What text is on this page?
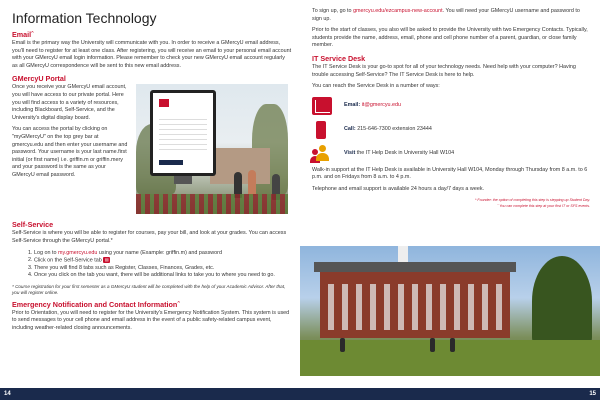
Information Technology
Emailˆ

Email is the primary way the University will communicate with you. In order to receive a GMercyU email address, you'll need to register for at least one class. After registering, you will receive an email to your personal email account with your GMercyU email login information. Please remember to check your new GMercyU email account regularly as all GMercyU correspondence will be sent to this new email address.

GMercyU Portal

Once you receive your GMercyU email account, you will have access to our private portal. Here you will find access to a variety of resources, including Blackboard, Self-Service, and the University's digital display board.

You can access the portal by clicking on "myGMercyU" on the top grey bar at gmercyu.edu and then enter your username and password. Your username is your last name.first initial (or first name) i.e. griffin.m or griffin.mery and your password is the same as your GMercyU email password.

Self-Service

Self-Service is where you will be able to register for courses, pay your bill, and look at your grades. You can access Self-Service through the GMercyU portal.*

1. Log on to my.gmercyu.edu using your name (Example: griffin.m) and password
2. Click on the Self-Service tab ▤
3. There you will find 8 tabs such as Register, Classes, Finances, Grades, etc.
4. Once you click on the tab you want, there will be additional links to take you to where you need to go.
* Course registration for your first semester as a GMercyU student will be completed with the help of your Academic Advisor. After that, you will register online.
Emergency Notification and Contact Informationˆ

Prior to Orientation, you will need to register for the University's Emergency Notification System. This system is used to send messages to your cell phone and email address in the event of a public safety-related campus event, including weather-related closing announcements.

To sign up, go to gmercyu.edu/ezcampus-new-account. You will need your GMercyU username and password to sign up.

Prior to the start of classes, you also will be asked to provide the University with two Emergency Contacts. Typically, students provide the name, address, email, phone and cell phone number of a parent, guardian, or close family member.

IT Service Desk

The IT Service Desk is your go-to spot for all of your technology needs. Need help with your computer? Having trouble accessing Self-Service? The IT Service Desk is here to help.

You can reach the Service Desk in a number of ways:

Email: it@gmercyu.edu
Call: 215-646-7300 extension 23444
Visit the IT Help Desk in University Hall W104

Walk-in support at the IT Help Desk is available in University Hall W104, Monday through Thursday from 8 a.m. to 6 p.m. and on Fridays from 8 a.m. to 4 p.m.

Telephone and email support is available 24 hours a day/7 days a week.

* Founder: the option of completing this step is stepping up Student Day.
ˆ You can complete this step at your first IT or SFS events.
14	15
